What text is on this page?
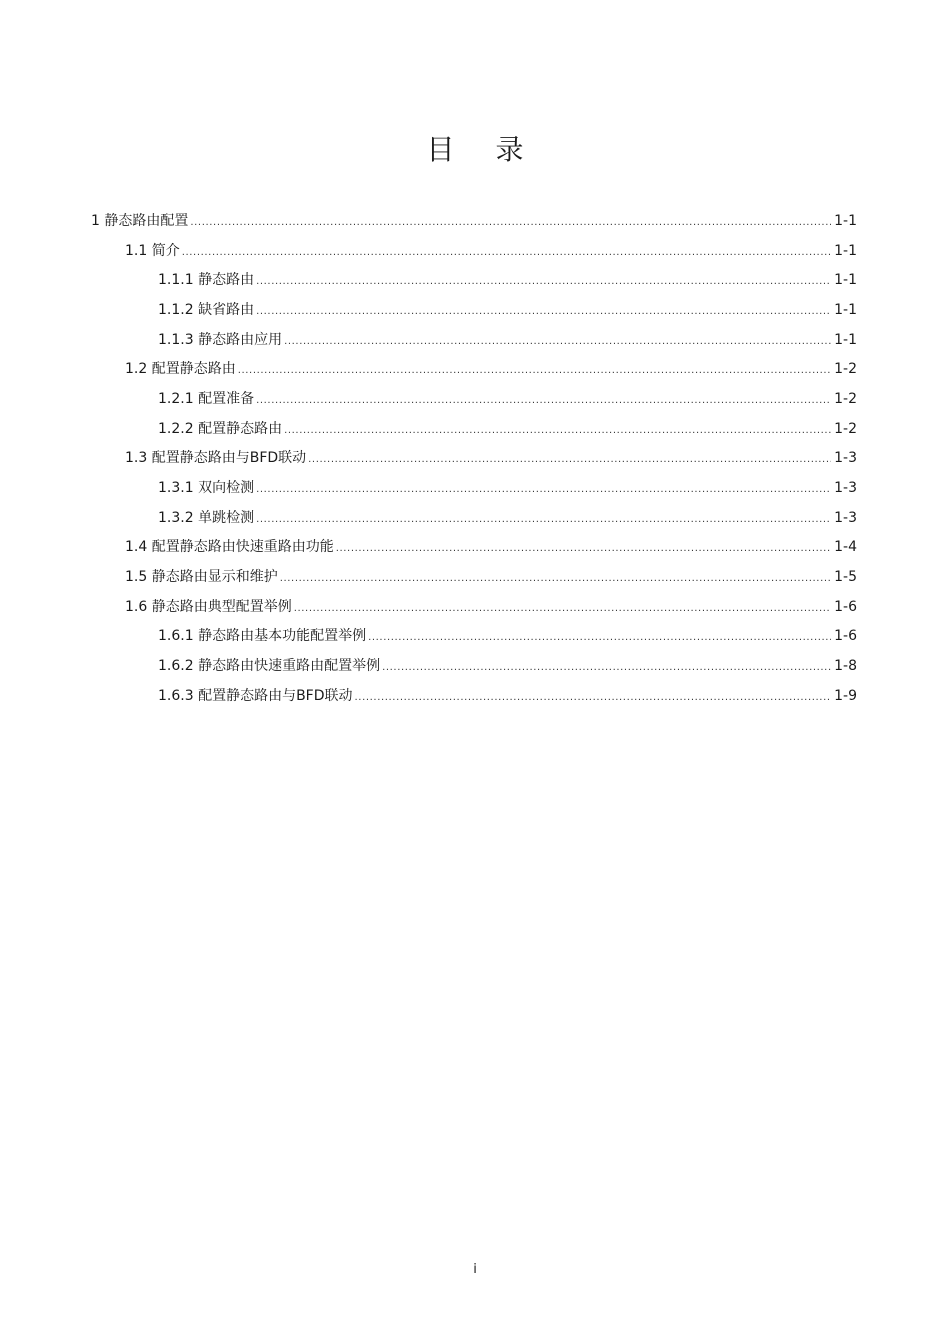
目 录
1 静态路由配置 .....	1-1
1.1 简介 .....	1-1
1.1.1 静态路由 .....	1-1
1.1.2 缺省路由 .....	1-1
1.1.3 静态路由应用 .....	1-1
1.2 配置静态路由 .....	1-2
1.2.1 配置准备 .....	1-2
1.2.2 配置静态路由 .....	1-2
1.3 配置静态路由与BFD联动 .....	1-3
1.3.1 双向检测 .....	1-3
1.3.2 单跳检测 .....	1-3
1.4 配置静态路由快速重路由功能 .....	1-4
1.5 静态路由显示和维护 .....	1-5
1.6 静态路由典型配置举例 .....	1-6
1.6.1 静态路由基本功能配置举例 .....	1-6
1.6.2 静态路由快速重路由配置举例 .....	1-8
1.6.3 配置静态路由与BFD联动 .....	1-9
i
